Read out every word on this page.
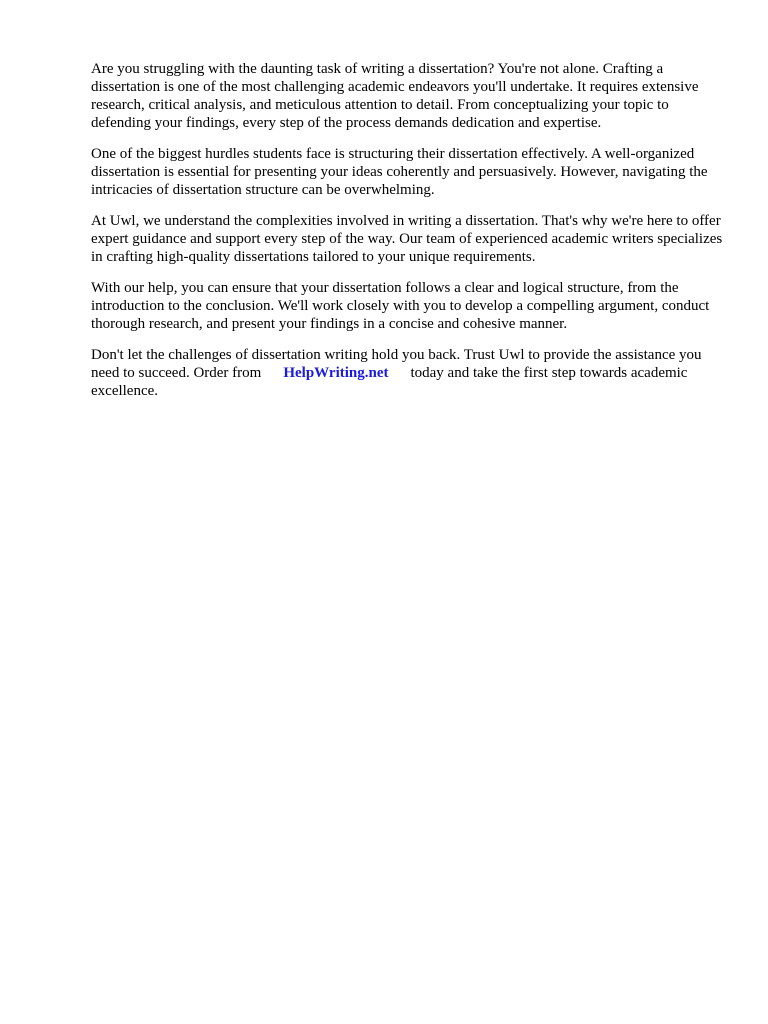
Are you struggling with the daunting task of writing a dissertation? You're not alone. Crafting a dissertation is one of the most challenging academic endeavors you'll undertake. It requires extensive research, critical analysis, and meticulous attention to detail. From conceptualizing your topic to defending your findings, every step of the process demands dedication and expertise.

One of the biggest hurdles students face is structuring their dissertation effectively. A well-organized dissertation is essential for presenting your ideas coherently and persuasively. However, navigating the intricacies of dissertation structure can be overwhelming.

At Uwl, we understand the complexities involved in writing a dissertation. That's why we're here to offer expert guidance and support every step of the way. Our team of experienced academic writers specializes in crafting high-quality dissertations tailored to your unique requirements.

With our help, you can ensure that your dissertation follows a clear and logical structure, from the introduction to the conclusion. We'll work closely with you to develop a compelling argument, conduct thorough research, and present your findings in a concise and cohesive manner.

Don't let the challenges of dissertation writing hold you back. Trust Uwl to provide the assistance you need to succeed. Order from HelpWriting.net today and take the first step towards academic excellence.
